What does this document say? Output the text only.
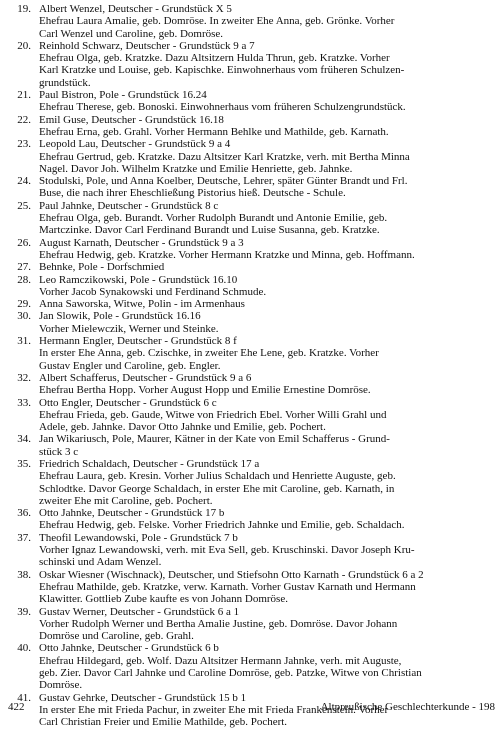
19. Albert Wenzel, Deutscher - Grundstück X 5
Ehefrau Laura Amalie, geb. Domröse. In zweiter Ehe Anna, geb. Grönke. Vorher
Carl Wenzel und Caroline, geb. Domröse.
20. Reinhold Schwarz, Deutscher - Grundstück 9 a 7
Ehefrau Olga, geb. Kratzke. Dazu Altsitzern Hulda Thrun, geb. Kratzke. Vorher
Karl Kratzke und Louise, geb. Kapischke. Einwohnerhaus vom früheren Schulzen-
grundstück.
21. Paul Bistron, Pole - Grundstück 16.24
Ehefrau Therese, geb. Bonoski. Einwohnerhaus vom früheren Schulzengrundstück.
22. Emil Guse, Deutscher - Grundstück 16.18
Ehefrau Erna, geb. Grahl. Vorher Hermann Behlke und Mathilde, geb. Karnath.
23. Leopold Lau, Deutscher - Grundstück 9 a 4
Ehefrau Gertrud, geb. Kratzke. Dazu Altsitzer Karl Kratzke, verh. mit Bertha Minna
Nagel. Davor Joh. Wilhelm Kratzke und Emilie Henriette, geb. Jahnke.
24. Stodulski, Pole, und Anna Koelber, Deutsche, Lehrer, später Günter Brandt und Frl.
Buse, die nach ihrer Eheschließung Pistorius hieß. Deutsche - Schule.
25. Paul Jahnke, Deutscher - Grundstück 8 c
Ehefrau Olga, geb. Burandt. Vorher Rudolph Burandt und Antonie Emilie, geb.
Martczinke. Davor Carl Ferdinand Burandt und Luise Susanna, geb. Kratzke.
26. August Karnath, Deutscher - Grundstück 9 a 3
Ehefrau Hedwig, geb. Kratzke. Vorher Hermann Kratzke und Minna, geb. Hoffmann.
27. Behnke, Pole - Dorfschmied
28. Leo Ramczikowski, Pole - Grundstück 16.10
Vorher Jacob Synakowski und Ferdinand Schmude.
29. Anna Saworska, Witwe, Polin - im Armenhaus
30. Jan Slowik, Pole - Grundstück 16.16
Vorher Mielewczik, Werner und Steinke.
31. Hermann Engler, Deutscher - Grundstück 8 f
In erster Ehe Anna, geb. Czischke, in zweiter Ehe Lene, geb. Kratzke. Vorher
Gustav Engler und Caroline, geb. Engler.
32. Albert Schafferus, Deutscher - Grundstück 9 a 6
Ehefrau Bertha Hopp. Vorher August Hopp und Emilie Ernestine Domröse.
33. Otto Engler, Deutscher - Grundstück 6 c
Ehefrau Frieda, geb. Gaude, Witwe von Friedrich Ebel. Vorher Willi Grahl und
Adele, geb. Jahnke. Davor Otto Jahnke und Emilie, geb. Pochert.
34. Jan Wikariusch, Pole, Maurer, Kätner in der Kate von Emil Schafferus - Grund-
stück 3 c
35. Friedrich Schaldach, Deutscher - Grundstück 17 a
Ehefrau Laura, geb. Kresin. Vorher Julius Schaldach und Henriette Auguste, geb.
Schlodtke. Davor George Schaldach, in erster Ehe mit Caroline, geb. Karnath, in
zweiter Ehe mit Caroline, geb. Pochert.
36. Otto Jahnke, Deutscher - Grundstück 17 b
Ehefrau Hedwig, geb. Felske. Vorher Friedrich Jahnke und Emilie, geb. Schaldach.
37. Theofil Lewandowski, Pole - Grundstück 7 b
Vorher Ignaz Lewandowski, verh. mit Eva Sell, geb. Kruschinski. Davor Joseph Kru-
schinski und Adam Wenzel.
38. Oskar Wiesner (Wischnack), Deutscher, und Stiefsohn Otto Karnath - Grundstück 6 a 2
Ehefrau Mathilde, geb. Kratzke, verw. Karnath. Vorher Gustav Karnath und Hermann
Klawitter. Gottlieb Zube kaufte es von Johann Domröse.
39. Gustav Werner, Deutscher - Grundstück 6 a 1
Vorher Rudolph Werner und Bertha Amalie Justine, geb. Domröse. Davor Johann
Domröse und Caroline, geb. Grahl.
40. Otto Jahnke, Deutscher - Grundstück 6 b
Ehefrau Hildegard, geb. Wolf. Dazu Altsitzer Hermann Jahnke, verh. mit Auguste,
geb. Zier. Davor Carl Jahnke und Caroline Domröse, geb. Patzke, Witwe von Christian
Domröse.
41. Gustav Gehrke, Deutscher - Grundstück 15 b 1
In erster Ehe mit Frieda Pachur, in zweiter Ehe mit Frieda Frankenstein. Vorher
Carl Christian Freier und Emilie Mathilde, geb. Pochert.
422	Altpreußische Geschlechterkunde - 198
